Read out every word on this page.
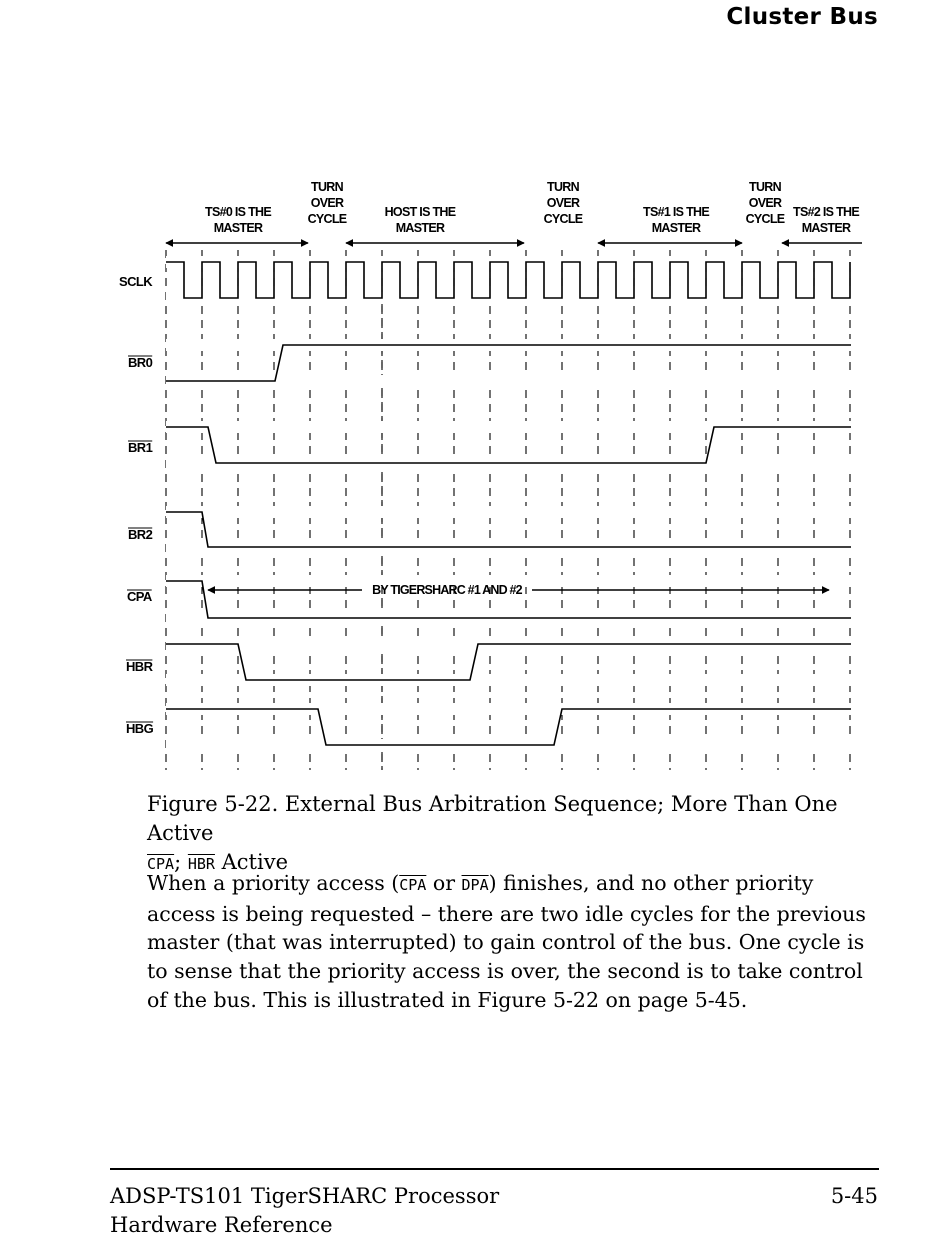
Cluster Bus
TS#0 IS THE
MASTER
TURN
OVER
CYCLE	HOST IS THE
MASTER
TURN
OVER
CYCLE	TS#1 IS THE
MASTER
TURN
OVER
CYCLE TS#2 IS THE
MASTER
SCLK
BR0
BR1
BR2
CPA
HBR
HBG
BY TIGERSHARC #1 AND #2
Figure 5-22. External Bus Arbitration Sequence; More Than One Active
$\overline{CPA}$; $\overline{HBR}$ Active
When a priority access ($\overline{CPA}$ or $\overline{DPA}$) finishes, and no other priority access is being requested – there are two idle cycles for the previous master (that was interrupted) to gain control of the bus. One cycle is to sense that the priority access is over, the second is to take control of the bus. This is illustrated in Figure 5-22 on page 5-45.
ADSP-TS101 TigerSHARC Processor
Hardware Reference
5-45
